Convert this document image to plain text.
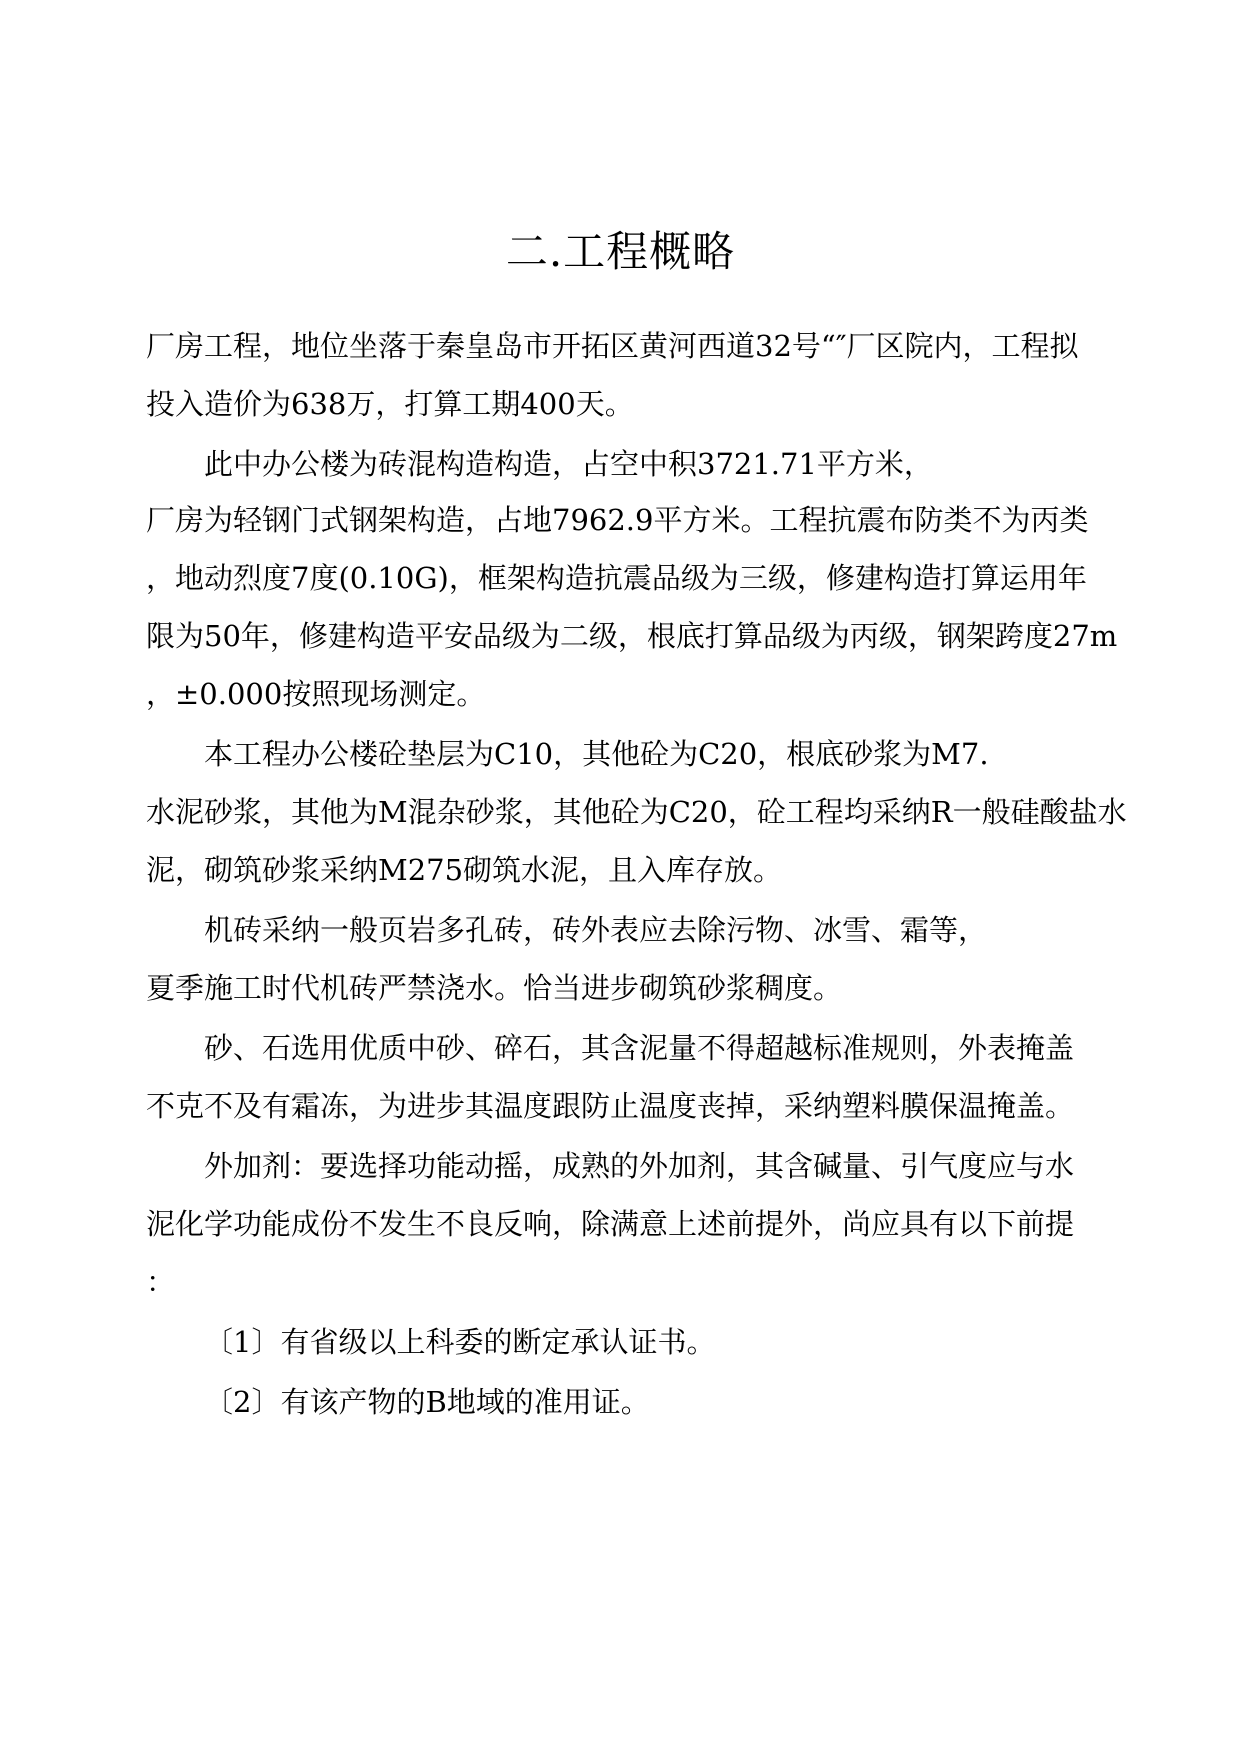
二.工程概略

厂房工程，地位坐落于秦皇岛市开拓区黄河西道32号“″厂区院内，工程拟

投入造价为638万，打算工期400天。

此中办公楼为砖混构造构造，占空中积3721.71平方米，

厂房为轻钢门式钢架构造，占地7962.9平方米。工程抗震布防类不为丙类

，地动烈度7度(0.10G)，框架构造抗震品级为三级，修建构造打算运用年

限为50年，修建构造平安品级为二级，根底打算品级为丙级，钢架跨度27m

，±0.000按照现场测定。

本工程办公楼砼垫层为C10，其他砼为C20，根底砂浆为M7.

水泥砂浆，其他为M混杂砂浆，其他砼为C20，砼工程均采纳R一般硅酸盐水

泥，砌筑砂浆采纳M275砌筑水泥，且入库存放。

机砖采纳一般页岩多孔砖，砖外表应去除污物、冰雪、霜等，

夏季施工时代机砖严禁浇水。恰当进步砌筑砂浆稠度。

砂、石选用优质中砂、碎石，其含泥量不得超越标准规则，外表掩盖

不克不及有霜冻，为进步其温度跟防止温度丧掉，采纳塑料膜保温掩盖。

外加剂：要选择功能动摇，成熟的外加剂，其含碱量、引气度应与水

泥化学功能成份不发生不良反响，除满意上述前提外，尚应具有以下前提

：

〔1〕有省级以上科委的断定承认证书。

〔2〕有该产物的B地域的准用证。
